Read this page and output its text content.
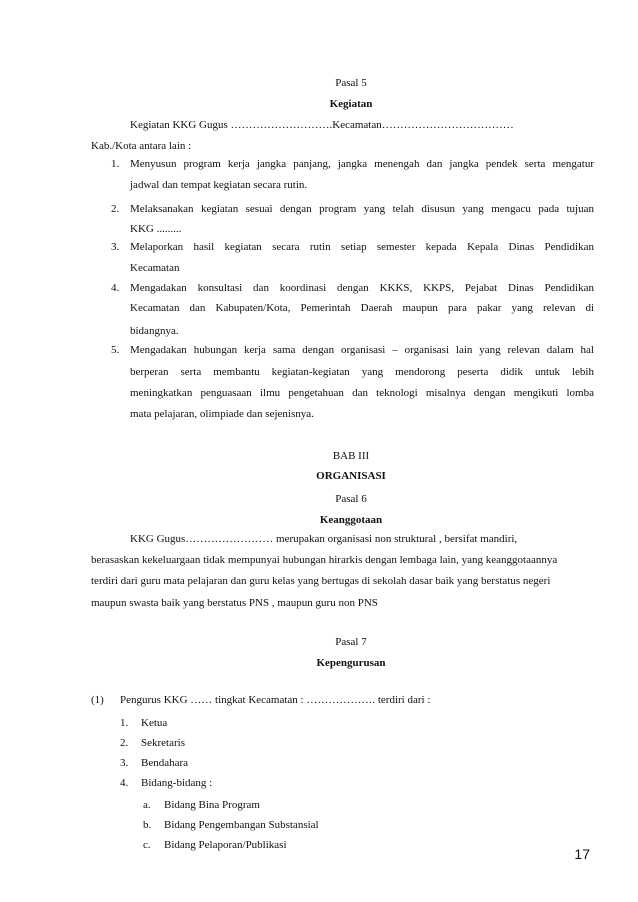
Pasal 5
Kegiatan
Kegiatan KKG Gugus ……………………….Kecamatan………………………………
Kab./Kota antara lain :
1. Menyusun program kerja jangka panjang, jangka menengah dan jangka pendek serta mengatur
jadwal dan tempat kegiatan secara rutin.
2. Melaksanakan kegiatan sesuai dengan program yang telah disusun yang mengacu pada tujuan
KKG .........
3. Melaporkan hasil kegiatan secara rutin setiap semester kepada Kepala Dinas Pendidikan
Kecamatan
4. Mengadakan konsultasi dan koordinasi dengan KKKS, KKPS, Pejabat Dinas Pendidikan
Kecamatan dan Kabupaten/Kota, Pemerintah Daerah maupun para pakar yang relevan di
bidangnya.
5. Mengadakan hubungan kerja sama dengan organisasi – organisasi lain yang relevan dalam hal
berperan serta membantu kegiatan-kegiatan yang mendorong peserta didik untuk lebih
meningkatkan penguasaan ilmu pengetahuan dan teknologi misalnya dengan mengikuti lomba
mata pelajaran, olimpiade dan sejenisnya.
BAB III
ORGANISASI
Pasal 6
Keanggotaan
KKG Gugus…………………… merupakan organisasi non struktural , bersifat mandiri,
berasaskan kekeluargaan tidak mempunyai hubungan hirarkis dengan lembaga lain, yang keanggotaannya
terdiri dari guru mata pelajaran dan guru kelas yang bertugas di sekolah dasar baik yang berstatus negeri
maupun swasta baik yang berstatus PNS , maupun guru non PNS
Pasal 7
Kepengurusan
(1) Pengurus KKG …… tingkat Kecamatan : ………………. terdiri dari :
1. Ketua
2. Sekretaris
3. Bendahara
4. Bidang-bidang :
a. Bidang Bina Program
b. Bidang Pengembangan Substansial
c. Bidang Pelaporan/Publikasi
17
